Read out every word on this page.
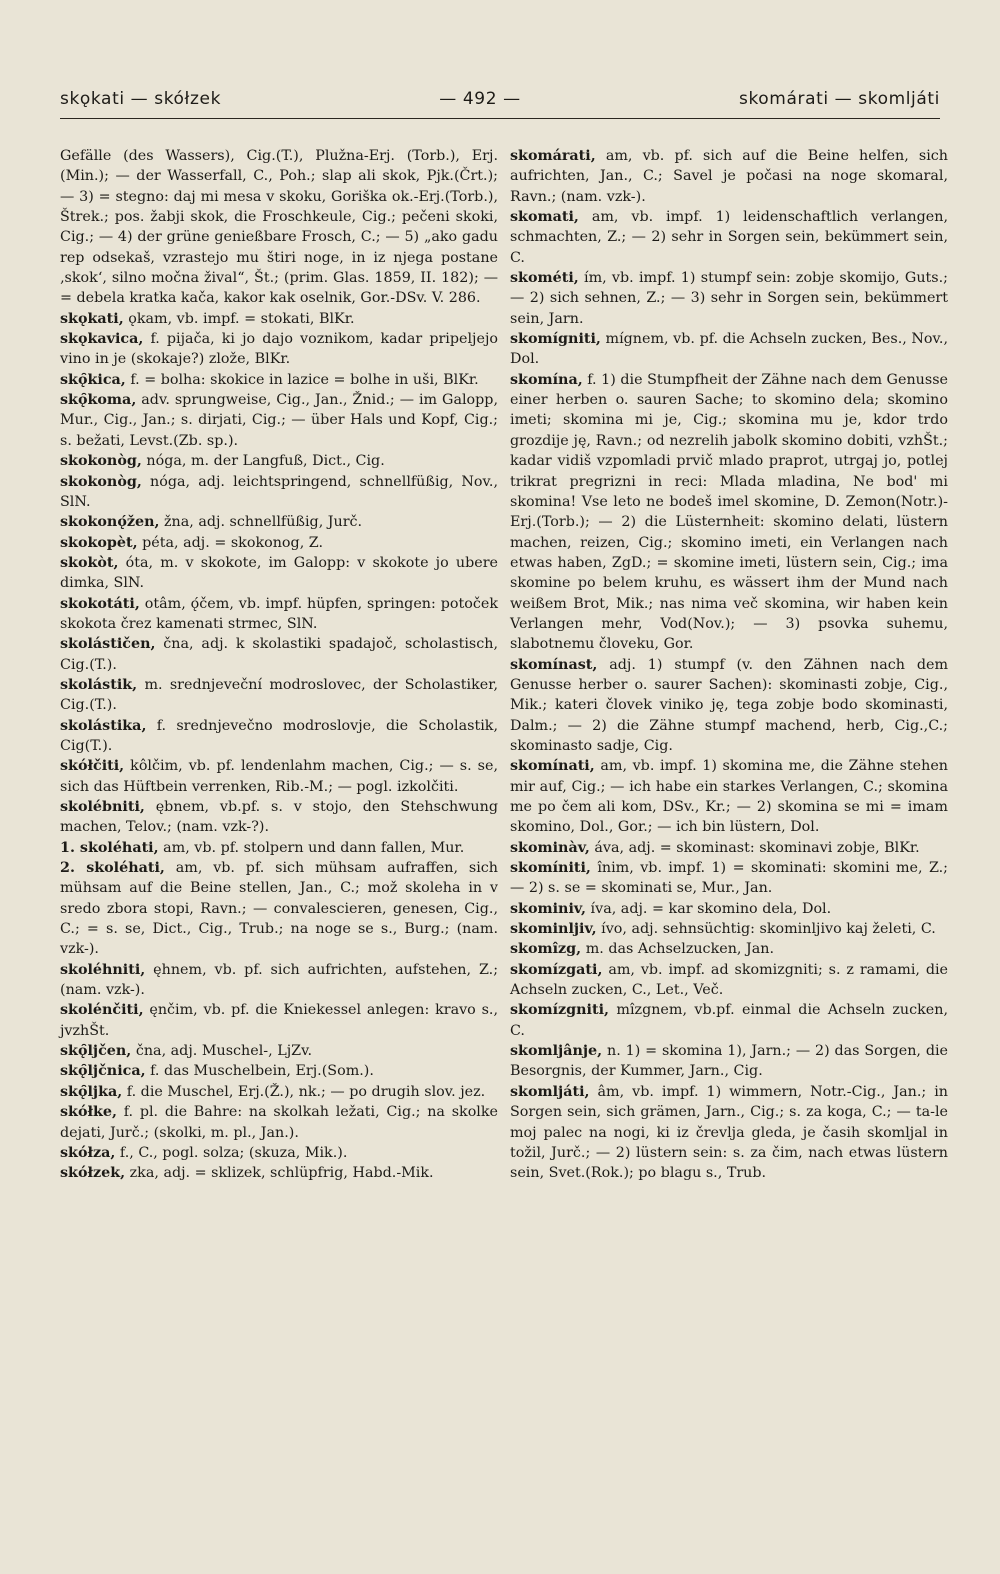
skǫkati — skółzek	— 492 —	skomárati — skomljáti

Gefälle (des Wassers), Cig.(T.), Plužna-Erj. (Torb.), Erj.(Min.); — der Wasserfall, C., Poh.; slap ali skok, Pjk.(Črt.); — 3) = stegno: daj mi mesa v skoku, Goriška ok.-Erj.(Torb.), Štrek.; pos. žabji skok, die Froschkeule, Cig.; pečeni skoki, Cig.; — 4) der grüne genießbare Frosch, C.; — 5) „ako gadu rep odsekaš, vzrastejo mu štiri noge, in iz njega postane ‚skok‘, silno močna žival“, Št.; (prim. Glas. 1859, II. 182); — = debela kratka kača, kakor kak oselnik, Gor.-DSv. V. 286.

skǫkati, ǫkam, vb. impf. = stokati, BlKr.

skǫkavica, f. pijača, ki jo dajo voznikom, kadar pripeljejo vino in je (skokaje?) zlože, BlKr.

skǫ̑kica, f. = bolha: skokice in lazice = bolhe in uši, BlKr.

skǫ̑koma, adv. sprungweise, Cig., Jan., Žnid.; — im Galopp, Mur., Cig., Jan.; s. dirjati, Cig.; — über Hals und Kopf, Cig.; s. bežati, Levst.(Zb. sp.).

skokonòg, nóga, m. der Langfuß, Dict., Cig.

skokonòg, nóga, adj. leichtspringend, schnellfüßig, Nov., SlN.

skokonǫ́žen, žna, adj. schnellfüßig, Jurč.

skokopèt, péta, adj. = skokonog, Z.

skokòt, óta, m. v skokote, im Galopp: v skokote jo ubere dimka, SlN.

skokotáti, otâm, ǫ́čem, vb. impf. hüpfen, springen: potoček skokota črez kamenati strmec, SlN.

skolástičen, čna, adj. k skolastiki spadajoč, scholastisch, Cig.(T.).

skolástik, m. srednjeveční modroslovec, der Scholastiker, Cig.(T.).

skolástika, f. srednjevečno modroslovje, die Scholastik, Cig(T.).

skółčiti, kôlčim, vb. pf. lendenlahm machen, Cig.; — s. se, sich das Hüftbein verrenken, Rib.-M.; — pogl. izkolčiti.

skolébniti, ębnem, vb.pf. s. v stojo, den Stehschwung machen, Telov.; (nam. vzk-?).

1. skoléhati, am, vb. pf. stolpern und dann fallen, Mur.

2. skoléhati, am, vb. pf. sich mühsam aufraffen, sich mühsam auf die Beine stellen, Jan., C.; mož skoleha in v sredo zbora stopi, Ravn.; — convalescieren, genesen, Cig., C.; = s. se, Dict., Cig., Trub.; na noge se s., Burg.; (nam. vzk-).

skoléhniti, ęhnem, vb. pf. sich aufrichten, aufstehen, Z.; (nam. vzk-).

skolénčiti, ęnčim, vb. pf. die Kniekessel anlegen: kravo s., jvzhŠt.

skǫ̑ljčen, čna, adj. Muschel-, LjZv.

skǫ̑ljčnica, f. das Muschelbein, Erj.(Som.).

skǫ̑ljka, f. die Muschel, Erj.(Ž.), nk.; — po drugih slov. jez.

skółke, f. pl. die Bahre: na skolkah ležati, Cig.; na skolke dejati, Jurč.; (skolki, m. pl., Jan.).

skółza, f., C., pogl. solza; (skuza, Mik.).

skółzek, zka, adj. = sklizek, schlüpfrig, Habd.-Mik.

skomárati, am, vb. pf. sich auf die Beine helfen, sich aufrichten, Jan., C.; Savel je počasi na noge skomaral, Ravn.; (nam. vzk-).

skomati, am, vb. impf. 1) leidenschaftlich verlangen, schmachten, Z.; — 2) sehr in Sorgen sein, bekümmert sein, C.

skométi, ím, vb. impf. 1) stumpf sein: zobje skomijo, Guts.; — 2) sich sehnen, Z.; — 3) sehr in Sorgen sein, bekümmert sein, Jarn.

skomígniti, mígnem, vb. pf. die Achseln zucken, Bes., Nov., Dol.

skomína, f. 1) die Stumpfheit der Zähne nach dem Genusse einer herben o. sauren Sache; to skomino dela; skomino imeti; skomina mi je, Cig.; skomina mu je, kdor trdo grozdije ję, Ravn.; od nezrelih jabolk skomino dobiti, vzhŠt.; kadar vidiš vzpomladi prvič mlado praprot, utrgaj jo, potlej trikrat pregrizni in reci: Mlada mladina, Ne bod' mi skomina! Vse leto ne bodeš imel skomine, D. Zemon(Notr.)-Erj.(Torb.); — 2) die Lüsternheit: skomino delati, lüstern machen, reizen, Cig.; skomino imeti, ein Verlangen nach etwas haben, ZgD.; = skomine imeti, lüstern sein, Cig.; ima skomine po belem kruhu, es wässert ihm der Mund nach weißem Brot, Mik.; nas nima več skomina, wir haben kein Verlangen mehr, Vod(Nov.); — 3) psovka suhemu, slabotnemu človeku, Gor.

skomínast, adj. 1) stumpf (v. den Zähnen nach dem Genusse herber o. saurer Sachen): skominasti zobje, Cig., Mik.; kateri človek viniko ję, tega zobje bodo skominasti, Dalm.; — 2) die Zähne stumpf machend, herb, Cig.,C.; skominasto sadje, Cig.

skomínati, am, vb. impf. 1) skomina me, die Zähne stehen mir auf, Cig.; — ich habe ein starkes Verlangen, C.; skomina me po čem ali kom, DSv., Kr.; — 2) skomina se mi = imam skomino, Dol., Gor.; — ich bin lüstern, Dol.

skominàv, áva, adj. = skominast: skominavi zobje, BlKr.

skomíniti, înim, vb. impf. 1) = skominati: skomini me, Z.; — 2) s. se = skominati se, Mur., Jan.

skominiv, íva, adj. = kar skomino dela, Dol.

skominljiv, ívo, adj. sehnsüchtig: skominljivo kaj želeti, C.

skomîzg, m. das Achselzucken, Jan.

skomízgati, am, vb. impf. ad skomizgniti; s. z ramami, die Achseln zucken, C., Let., Več.

skomízgniti, mîzgnem, vb.pf. einmal die Achseln zucken, C.

skomljânje, n. 1) = skomina 1), Jarn.; — 2) das Sorgen, die Besorgnis, der Kummer, Jarn., Cig.

skomljáti, âm, vb. impf. 1) wimmern, Notr.-Cig., Jan.; in Sorgen sein, sich grämen, Jarn., Cig.; s. za koga, C.; — ta-le moj palec na nogi, ki iz črevlja gleda, je časih skomljal in tožil, Jurč.; — 2) lüstern sein: s. za čim, nach etwas lüstern sein, Svet.(Rok.); po blagu s., Trub.
